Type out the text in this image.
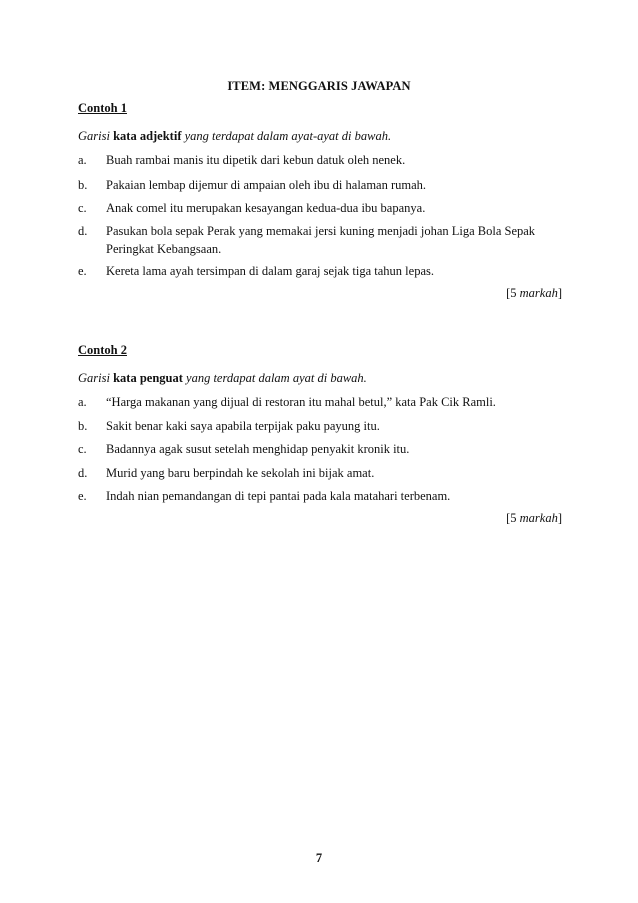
ITEM: MENGGARIS JAWAPAN
Contoh 1
Garisi kata adjektif yang terdapat dalam ayat-ayat di bawah.
a. Buah rambai manis itu dipetik dari kebun datuk oleh nenek.
b. Pakaian lembap dijemur di ampaian oleh ibu di halaman rumah.
c. Anak comel itu merupakan kesayangan kedua-dua ibu bapanya.
d. Pasukan bola sepak Perak yang memakai jersi kuning menjadi johan Liga Bola Sepak Peringkat Kebangsaan.
e. Kereta lama ayah tersimpan di dalam garaj sejak tiga tahun lepas.
[5 markah]
Contoh 2
Garisi kata penguat yang terdapat dalam ayat di bawah.
a. “Harga makanan yang dijual di restoran itu mahal betul,” kata Pak Cik Ramli.
b. Sakit benar kaki saya apabila terpijak paku payung itu.
c. Badannya agak susut setelah menghidap penyakit kronik itu.
d. Murid yang baru berpindah ke sekolah ini bijak amat.
e. Indah nian pemandangan di tepi pantai pada kala matahari terbenam.
[5 markah]
7
